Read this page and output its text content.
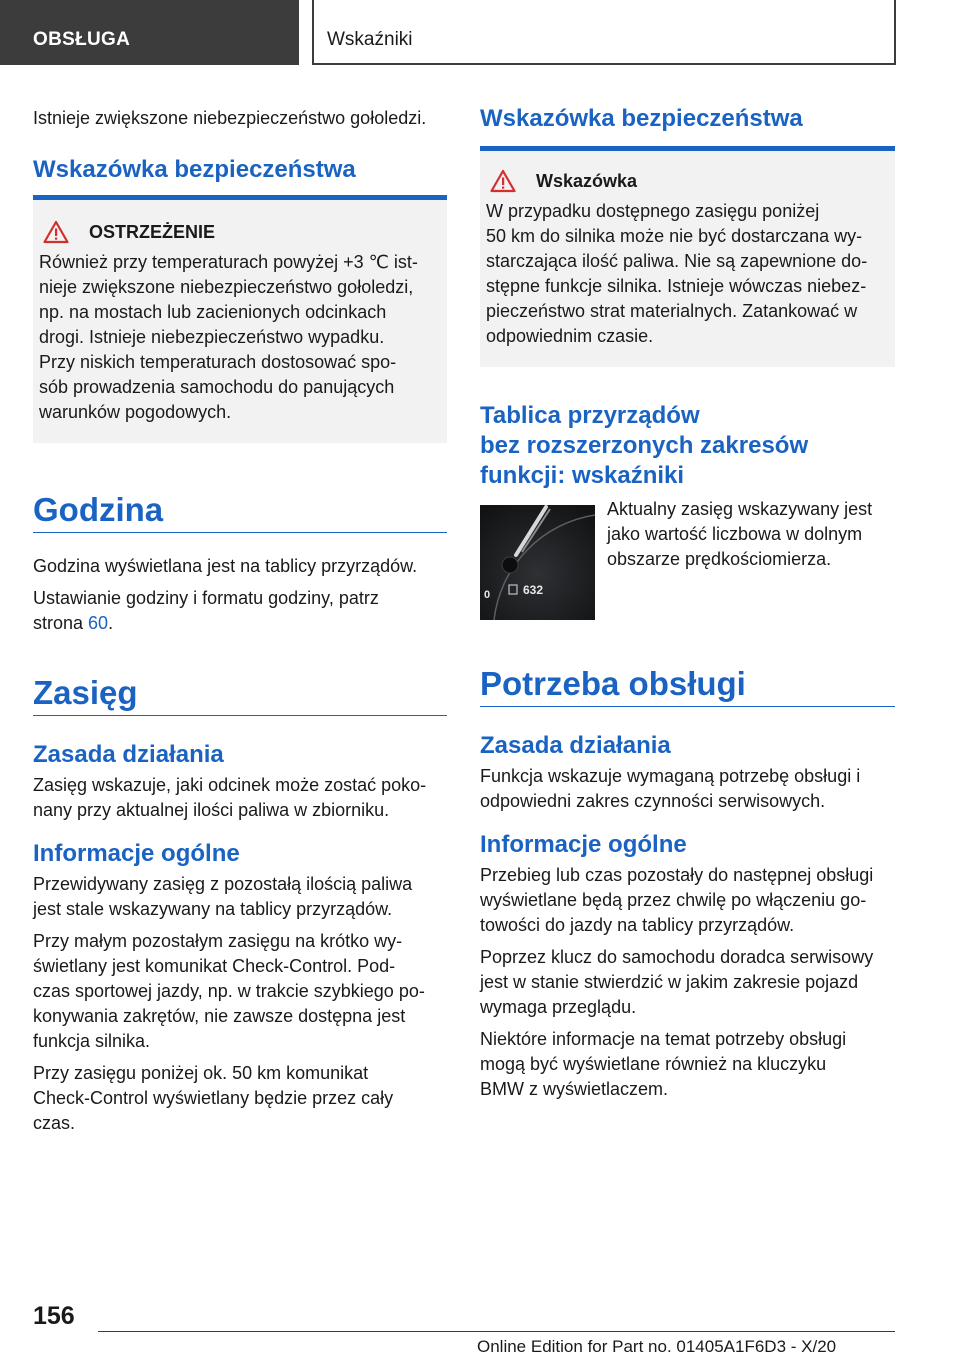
OBSŁUGA	Wskaźniki

Istnieje zwiększone niebezpieczeństwo gołoledzi.

Wskazówka bezpieczeństwa
OSTRZEŻENIE

Również przy temperaturach powyżej +3 ℃ ist-

nieje zwiększone niebezpieczeństwo gołoledzi,

np. na mostach lub zacienionych odcinkach

drogi. Istnieje niebezpieczeństwo wypadku.

Przy niskich temperaturach dostosować spo-

sób prowadzenia samochodu do panujących

warunków pogodowych.

Godzina

Godzina wyświetlana jest na tablicy przyrządów.

Ustawianie godziny i formatu godziny, patrz

strona 60.

Zasięg
Zasada działania

Zasięg wskazuje, jaki odcinek może zostać poko-

nany przy aktualnej ilości paliwa w zbiorniku.

Informacje ogólne

Przewidywany zasięg z pozostałą ilością paliwa

jest stale wskazywany na tablicy przyrządów.

Przy małym pozostałym zasięgu na krótko wy-

świetlany jest komunikat Check-Control. Pod-

czas sportowej jazdy, np. w trakcie szybkiego po-

konywania zakrętów, nie zawsze dostępna jest

funkcja silnika.

Przy zasięgu poniżej ok. 50 km komunikat

Check-Control wyświetlany będzie przez cały

czas.

Wskazówka bezpieczeństwa
Wskazówka

W przypadku dostępnego zasięgu poniżej

50 km do silnika może nie być dostarczana wy-

starczająca ilość paliwa. Nie są zapewnione do-

stępne funkcje silnika. Istnieje wówczas niebez-

pieczeństwo strat materialnych. Zatankować w

odpowiednim czasie.

Tablica przyrządów
bez rozszerzonych zakresów
funkcji: wskaźniki
0	632

Aktualny zasięg wskazywany jest

jako wartość liczbowa w dolnym

obszarze prędkościomierza.

Potrzeba obsługi
Zasada działania

Funkcja wskazuje wymaganą potrzebę obsługi i

odpowiedni zakres czynności serwisowych.

Informacje ogólne

Przebieg lub czas pozostały do następnej obsługi

wyświetlane będą przez chwilę po włączeniu go-

towości do jazdy na tablicy przyrządów.

Poprzez klucz do samochodu doradca serwisowy

jest w stanie stwierdzić w jakim zakresie pojazd

wymaga przeglądu.

Niektóre informacje na temat potrzeby obsługi

mogą być wyświetlane również na kluczyku

BMW z wyświetlaczem.

156
Online Edition for Part no. 01405A1F6D3 - X/20
